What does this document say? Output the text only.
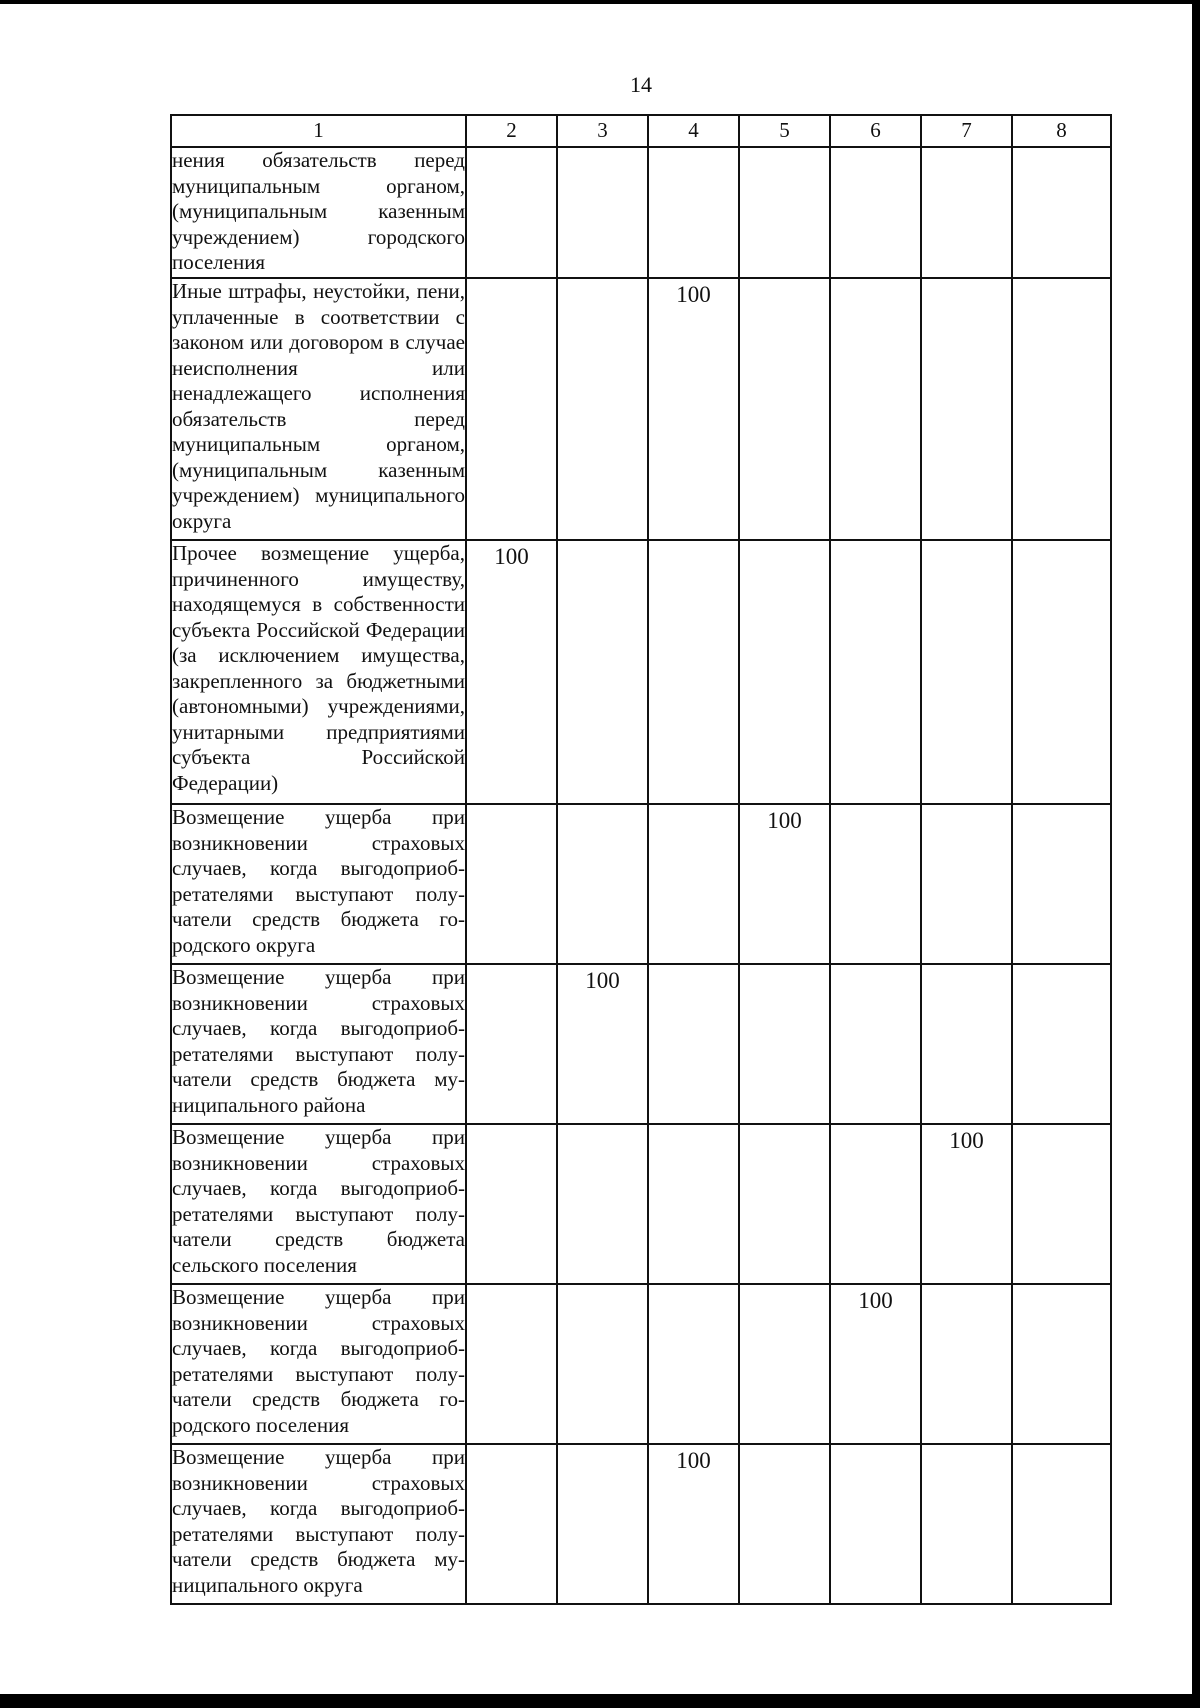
14
1	2	3	4	5	6	7	8
нения обязательств перед муниципальным органом, (муниципальным казенным учреждением) городского поселения							
Иные штрафы, неустойки, пени, уплаченные в соответствии с законом или договором в случае неисполнения или ненадлежащего исполнения обязательств перед муниципальным органом, (муниципальным казенным учреждением) муниципального округа			100				
Прочее возмещение ущерба, причиненного имуществу, находящемуся в собственности субъекта Российской Федерации (за исключением имущества, закрепленного за бюджетными (автономными) учреждениями, унитарными предприятиями субъекта Российской Федерации)	100						
Возмещение ущерба при возникновении страховых случаев, когда выгодоприобретателями выступают получатели средств бюджета городского округа				100			
Возмещение ущерба при возникновении страховых случаев, когда выгодоприобретателями выступают получатели средств бюджета муниципального района		100					
Возмещение ущерба при возникновении страховых случаев, когда выгодоприобретателями выступают получатели средств бюджета сельского поселения						100	
Возмещение ущерба при возникновении страховых случаев, когда выгодоприобретателями выступают получатели средств бюджета городского поселения					100		
Возмещение ущерба при возникновении страховых случаев, когда выгодоприобретателями выступают получатели средств бюджета муниципального округа			100				
